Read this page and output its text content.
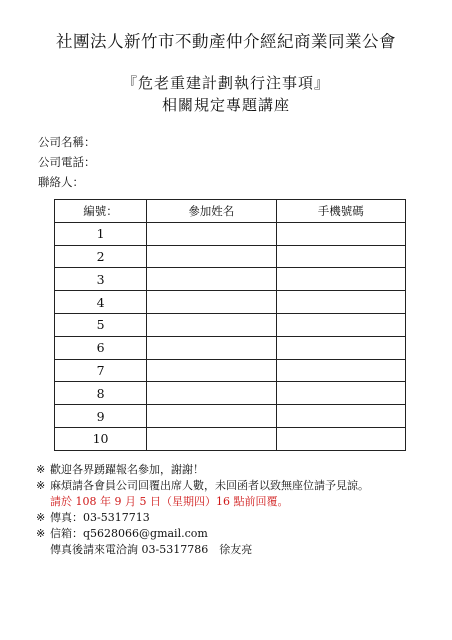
社團法人新竹市不動產仲介經紀商業同業公會
『危老重建計劃執行注事項』
相關規定專題講座
公司名稱：
公司電話：
聯絡人：
編號：	參加姓名	手機號碼
1		
2		
3		
4		
5		
6		
7		
8		
9		
10		
※ 歡迎各界踴躍報名參加，謝謝！
※ 麻煩請各會員公司回覆出席人數，未回函者以致無座位請予見諒。
請於 108 年 9 月 5 日（星期四）16 點前回覆。
※ 傳真：03-5317713
※ 信箱：q5628066@gmail.com
傳真後請來電洽詢 03-5317786　徐友亮
